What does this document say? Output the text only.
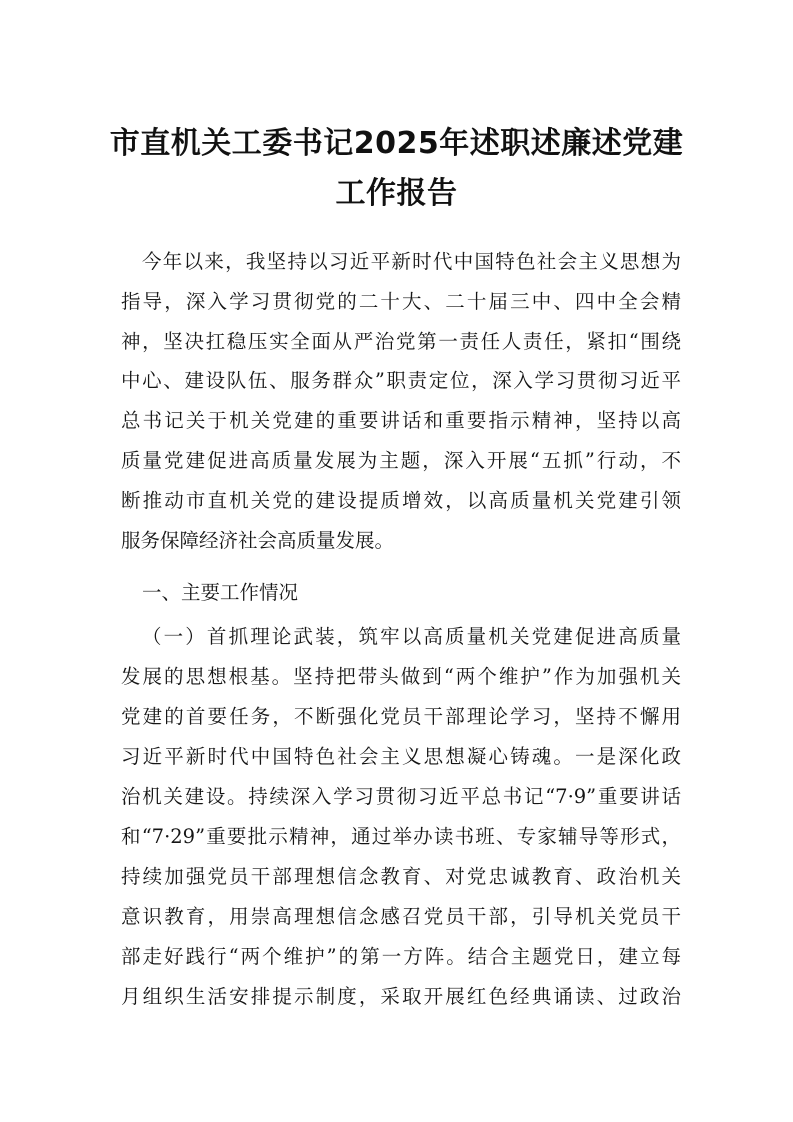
市直机关工委书记2025年述职述廉述党建
工作报告
今年以来，我坚持以习近平新时代中国特色社会主义思想为
指导，深入学习贯彻党的二十大、二十届三中、四中全会精
神，坚决扛稳压实全面从严治党第一责任人责任，紧扣“围绕
中心、建设队伍、服务群众”职责定位，深入学习贯彻习近平
总书记关于机关党建的重要讲话和重要指示精神，坚持以高
质量党建促进高质量发展为主题，深入开展“五抓”行动，不
断推动市直机关党的建设提质增效，以高质量机关党建引领
服务保障经济社会高质量发展。
一、主要工作情况
（一）首抓理论武装，筑牢以高质量机关党建促进高质量
发展的思想根基。坚持把带头做到“两个维护”作为加强机关
党建的首要任务，不断强化党员干部理论学习，坚持不懈用
习近平新时代中国特色社会主义思想凝心铸魂。一是深化政
治机关建设。持续深入学习贯彻习近平总书记“7·9”重要讲话
和“7·29”重要批示精神，通过举办读书班、专家辅导等形式，
持续加强党员干部理想信念教育、对党忠诚教育、政治机关
意识教育，用崇高理想信念感召党员干部，引导机关党员干
部走好践行“两个维护”的第一方阵。结合主题党日，建立每
月组织生活安排提示制度，采取开展红色经典诵读、过政治
